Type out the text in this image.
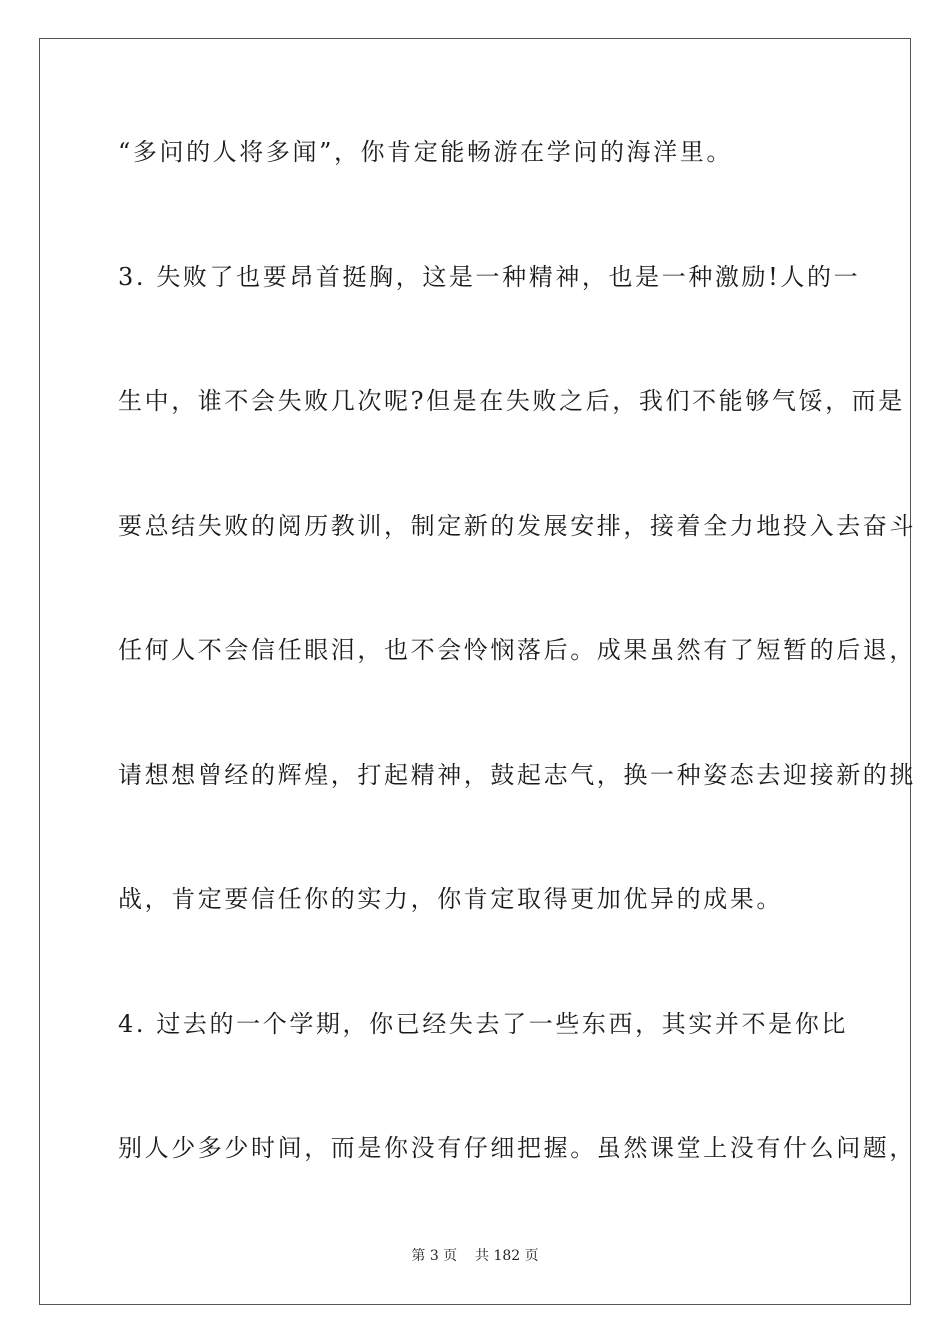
“多问的人将多闻”，你肯定能畅游在学问的海洋里。
3. 失败了也要昂首挺胸，这是一种精神，也是一种激励!人的一
生中，谁不会失败几次呢?但是在失败之后，我们不能够气馁，而是
要总结失败的阅历教训，制定新的发展安排，接着全力地投入去奋斗
任何人不会信任眼泪，也不会怜悯落后。成果虽然有了短暂的后退，
请想想曾经的辉煌，打起精神，鼓起志气，换一种姿态去迎接新的挑
战，肯定要信任你的实力，你肯定取得更加优异的成果。
4. 过去的一个学期，你已经失去了一些东西，其实并不是你比
别人少多少时间，而是你没有仔细把握。虽然课堂上没有什么问题，
第 3 页 共 182 页
